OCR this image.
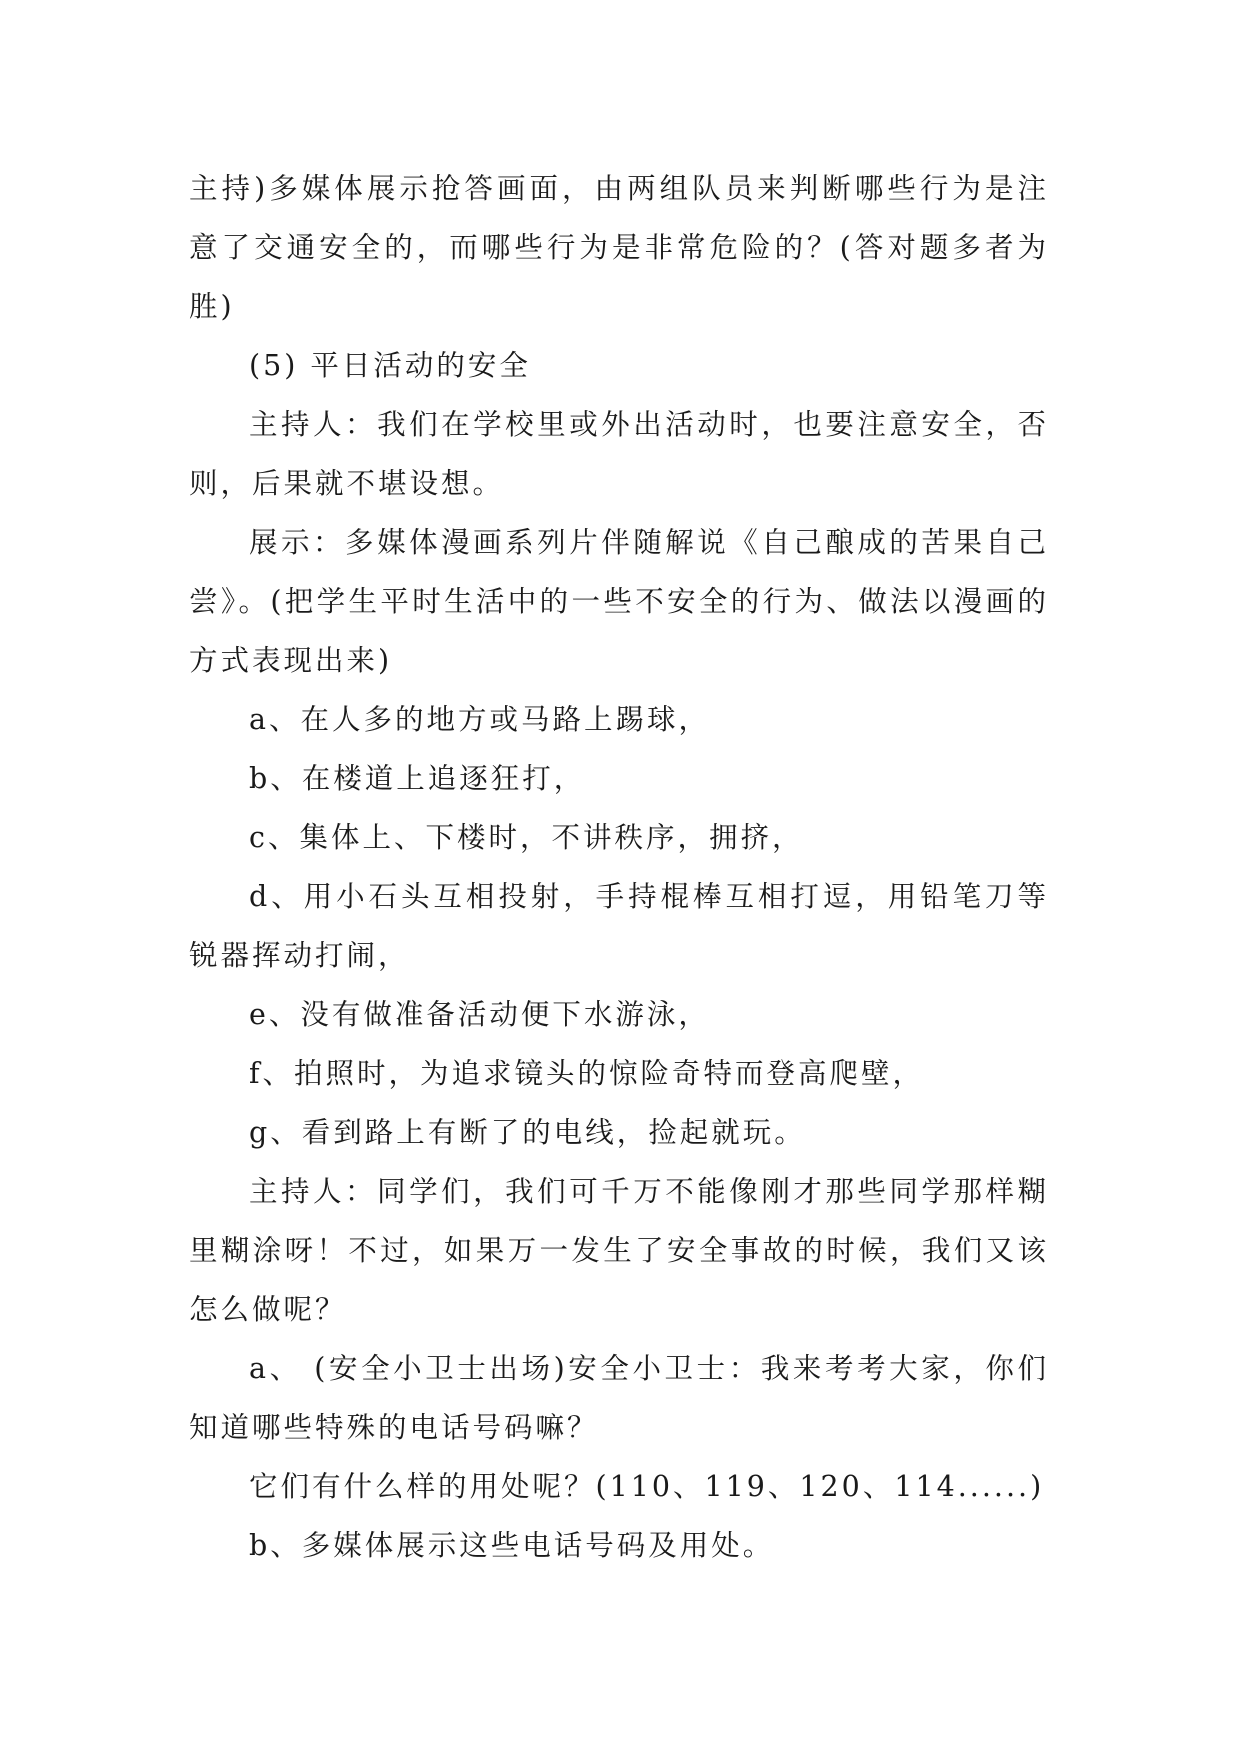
主持)多媒体展示抢答画面，由两组队员来判断哪些行为是注意了交通安全的，而哪些行为是非常危险的？(答对题多者为胜)

(5) 平日活动的安全

主持人：我们在学校里或外出活动时，也要注意安全，否则，后果就不堪设想。

展示：多媒体漫画系列片伴随解说《自己酿成的苦果自己尝》。(把学生平时生活中的一些不安全的行为、做法以漫画的方式表现出来)

a、在人多的地方或马路上踢球，

b、在楼道上追逐狂打，

c、集体上、下楼时，不讲秩序，拥挤，

d、用小石头互相投射，手持棍棒互相打逗，用铅笔刀等锐器挥动打闹，

e、没有做准备活动便下水游泳，

f、拍照时，为追求镜头的惊险奇特而登高爬壁，

g、看到路上有断了的电线，捡起就玩。

主持人：同学们，我们可千万不能像刚才那些同学那样糊里糊涂呀！不过，如果万一发生了安全事故的时候，我们又该怎么做呢？

a、 (安全小卫士出场)安全小卫士：我来考考大家，你们知道哪些特殊的电话号码嘛？

它们有什么样的用处呢？(110、119、120、114......)

b、多媒体展示这些电话号码及用处。
